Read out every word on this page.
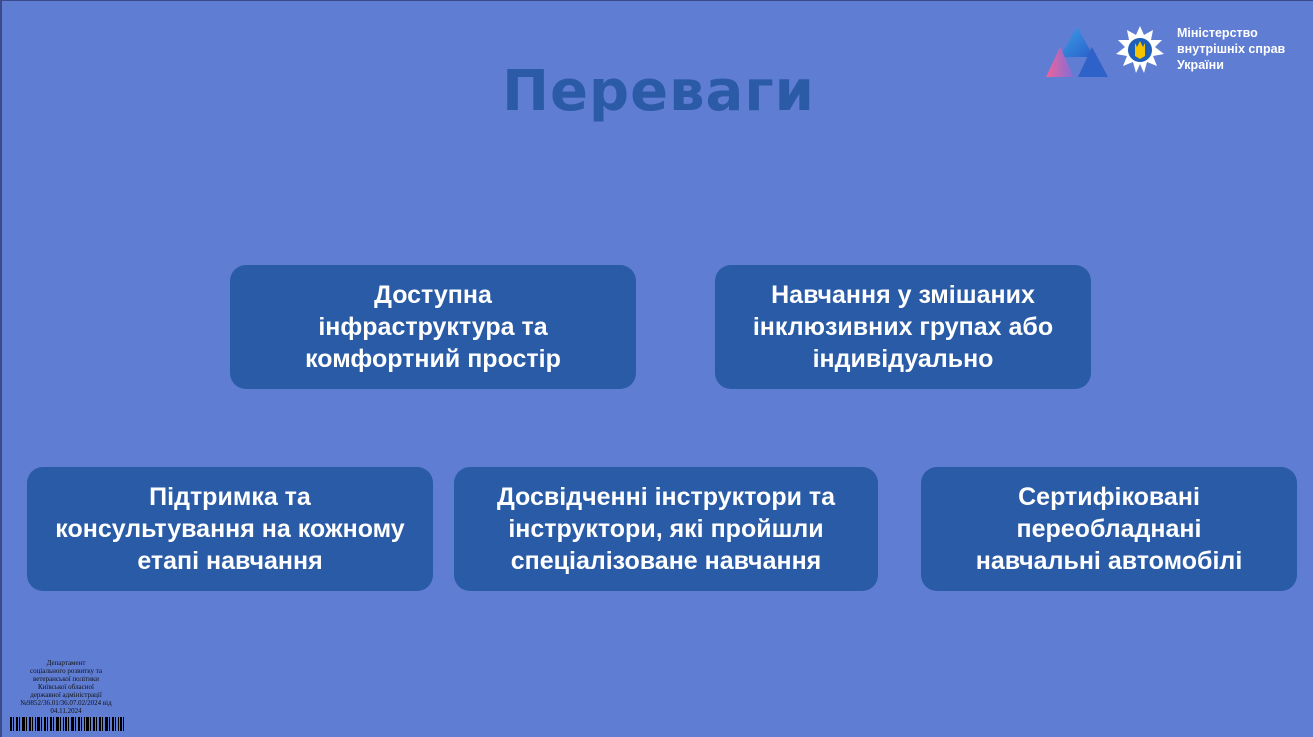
Переваги
Міністерство
внутрішніх справ
України
Доступна
інфраструктура та
комфортний простір
Навчання у змішаних
інклюзивних групах або
індивідуально
Підтримка та
консультування на кожному
етапі навчання
Досвідченні інструктори та
інструктори, які пройшли
спеціалізоване навчання
Сертифіковані
переобладнані
навчальні автомобілі
Департамент
соціального розвитку та
ветеранської політики
Київської обласної
державної адміністрації
№9852/36.01/36.07.02/2024 від
04.11.2024
